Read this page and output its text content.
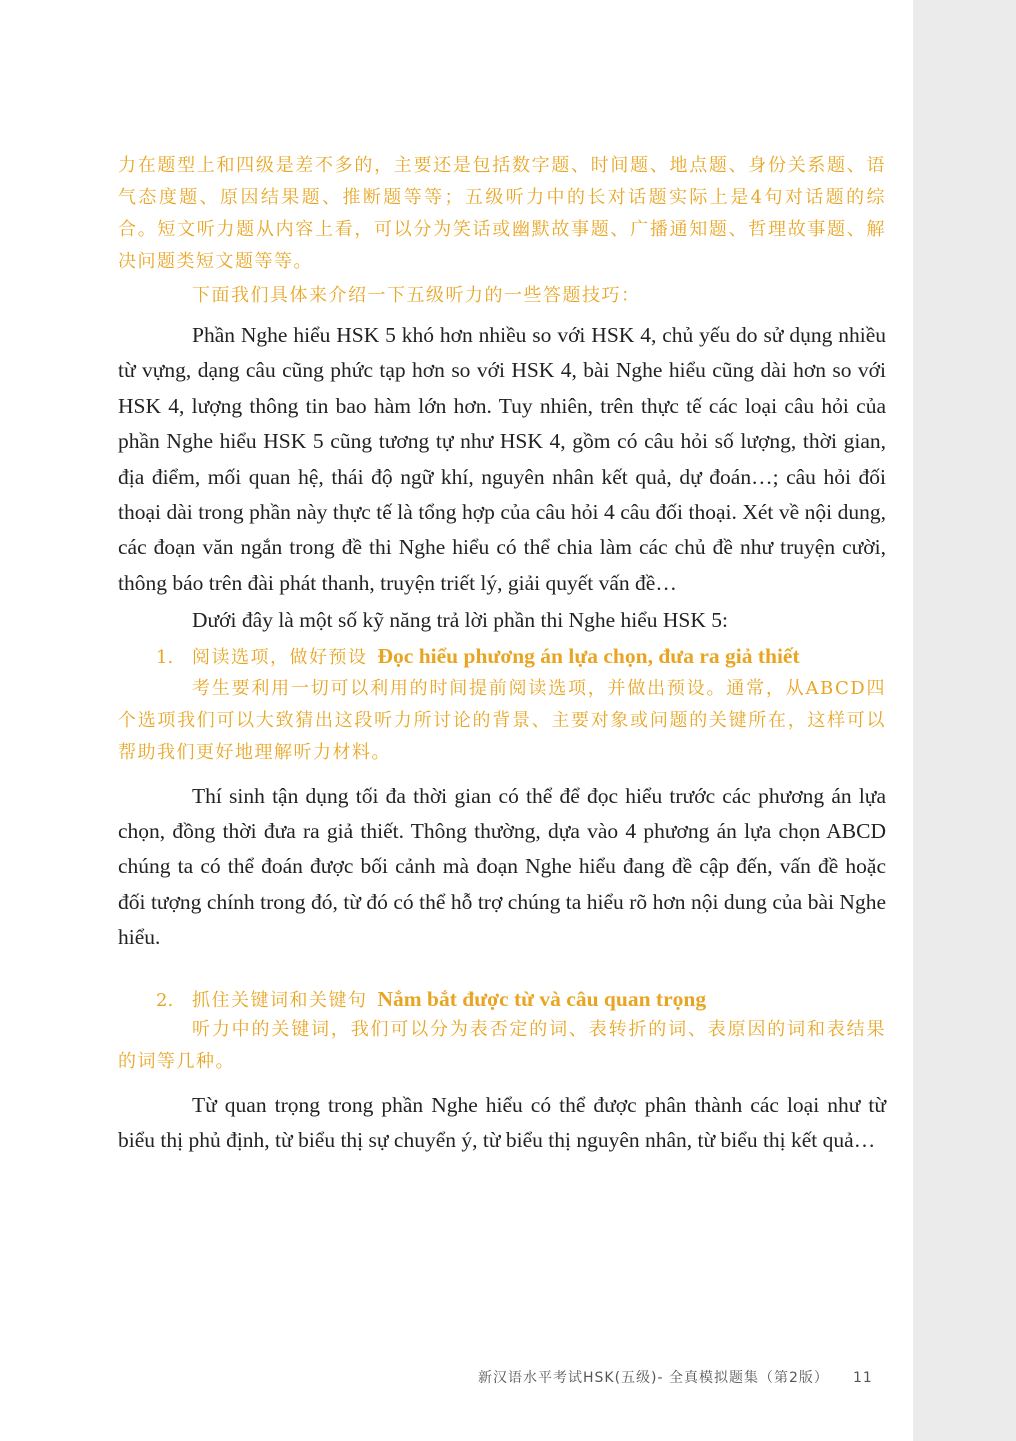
力在题型上和四级是差不多的，主要还是包括数字题、时间题、地点题、身份关系题、语气态度题、原因结果题、推断题等等；五级听力中的长对话题实际上是4句对话题的综合。短文听力题从内容上看，可以分为笑话或幽默故事题、广播通知题、哲理故事题、解决问题类短文题等等。

下面我们具体来介绍一下五级听力的一些答题技巧：

Phần Nghe hiểu HSK 5 khó hơn nhiều so với HSK 4, chủ yếu do sử dụng nhiều từ vựng, dạng câu cũng phức tạp hơn so với HSK 4, bài Nghe hiểu cũng dài hơn so với HSK 4, lượng thông tin bao hàm lớn hơn. Tuy nhiên, trên thực tế các loại câu hỏi của phần Nghe hiểu HSK 5 cũng tương tự như HSK 4, gồm có câu hỏi số lượng, thời gian, địa điểm, mối quan hệ, thái độ ngữ khí, nguyên nhân kết quả, dự đoán…; câu hỏi đối thoại dài trong phần này thực tế là tổng hợp của câu hỏi 4 câu đối thoại. Xét về nội dung, các đoạn văn ngắn trong đề thi Nghe hiểu có thể chia làm các chủ đề như truyện cười, thông báo trên đài phát thanh, truyện triết lý, giải quyết vấn đề…

Dưới đây là một số kỹ năng trả lời phần thi Nghe hiểu HSK 5:

1.	阅读选项，做好预设 Đọc hiểu phương án lựa chọn, đưa ra giả thiết

考生要利用一切可以利用的时间提前阅读选项，并做出预设。通常，从ABCD四个选项我们可以大致猜出这段听力所讨论的背景、主要对象或问题的关键所在，这样可以帮助我们更好地理解听力材料。

Thí sinh tận dụng tối đa thời gian có thể để đọc hiểu trước các phương án lựa chọn, đồng thời đưa ra giả thiết. Thông thường, dựa vào 4 phương án lựa chọn ABCD chúng ta có thể đoán được bối cảnh mà đoạn Nghe hiểu đang đề cập đến, vấn đề hoặc đối tượng chính trong đó, từ đó có thể hỗ trợ chúng ta hiểu rõ hơn nội dung của bài Nghe hiểu.

2.	抓住关键词和关键句 Nắm bắt được từ và câu quan trọng

听力中的关键词，我们可以分为表否定的词、表转折的词、表原因的词和表结果的词等几种。

Từ quan trọng trong phần Nghe hiểu có thể được phân thành các loại như từ biểu thị phủ định, từ biểu thị sự chuyển ý, từ biểu thị nguyên nhân, từ biểu thị kết quả…

新汉语水平考试HSK(五级)- 全真模拟题集（第2版） 11
